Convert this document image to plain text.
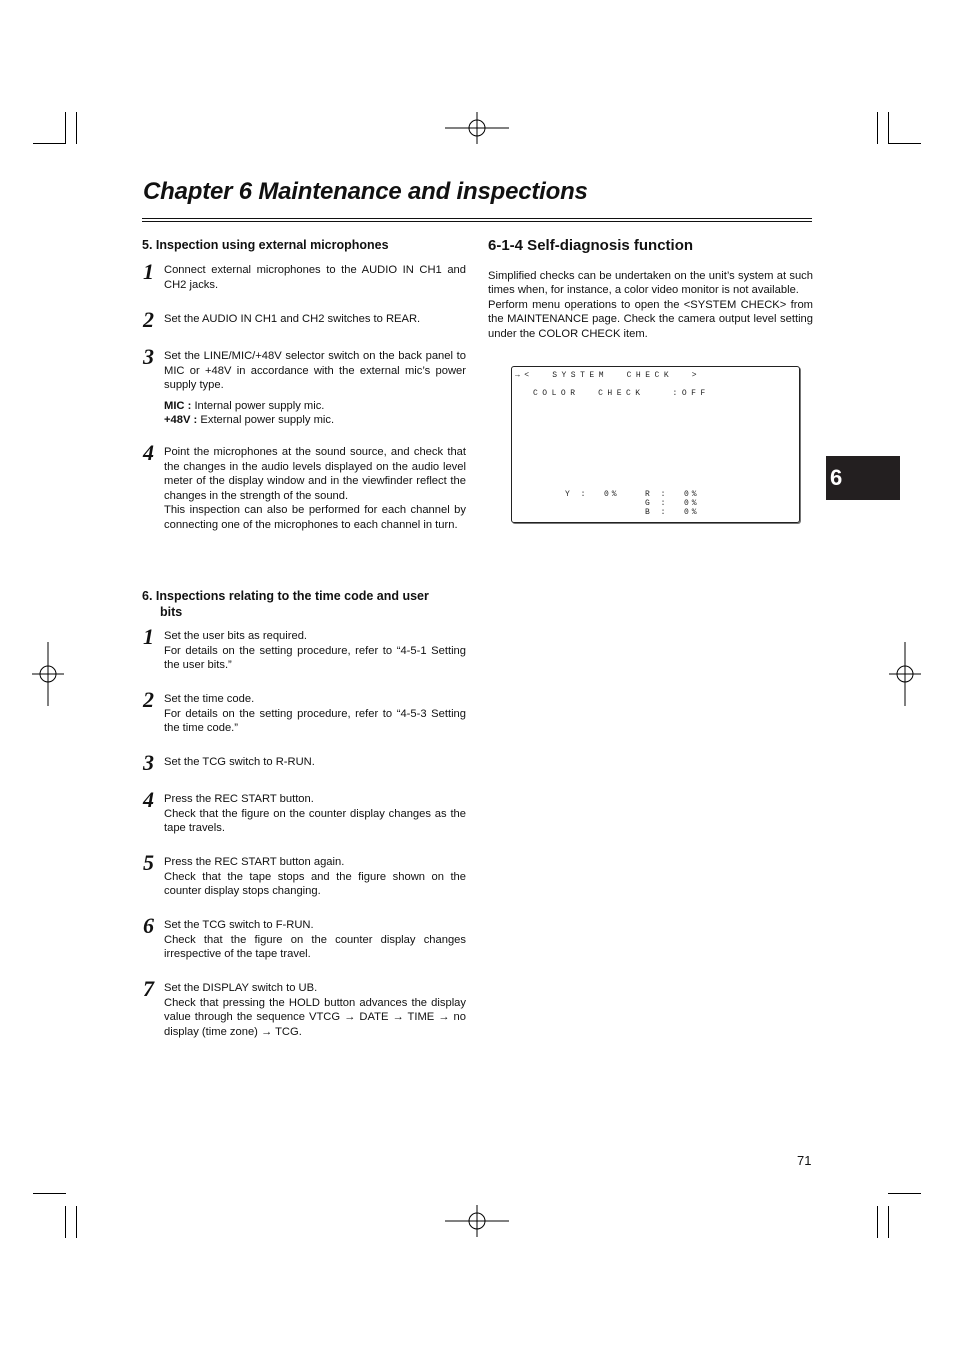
Chapter 6 Maintenance and inspections
5. Inspection using external microphones
1 Connect external microphones to the AUDIO IN CH1 and CH2 jacks.

2 Set the AUDIO IN CH1 and CH2 switches to REAR.

3 Set the LINE/MIC/+48V selector switch on the back panel to MIC or +48V in accordance with the external mic’s power supply type.

MIC : Internal power supply mic.

+48V : External power supply mic.

4 Point the microphones at the sound source, and check that the changes in the audio levels displayed on the audio level meter of the display window and in the viewfinder reflect the changes in the strength of the sound.

This inspection can also be performed for each channel by connecting one of the microphones to each channel in turn.

6. Inspections relating to the time code and user
bits
1 Set the user bits as required.

For details on the setting procedure, refer to “4-5-1 Setting the user bits.”

2 Set the time code.

For details on the setting procedure, refer to “4-5-3 Setting the time code.”

3 Set the TCG switch to R-RUN.

4 Press the REC START button.

Check that the figure on the counter display changes as the tape travels.

5 Press the REC START button again.

Check that the tape stops and the figure shown on the counter display stops changing.

6 Set the TCG switch to F-RUN.

Check that the figure on the counter display changes irrespective of the tape travel.

7 Set the DISPLAY switch to UB.

Check that pressing the HOLD button advances the display value through the sequence VTCG → DATE → TIME → no display (time zone) → TCG.

6-1-4 Self-diagnosis function

Simplified checks can be undertaken on the unit’s system at such times when, for instance, a color video monitor is not available.

Perform menu operations to open the <SYSTEM CHECK> from the MAINTENANCE page. Check the camera output level setting under the COLOR CHECK item.

→<  SYSTEM  CHECK  >
COLOR  CHECK   :OFF
Y :  0%	R :  0%
G :  0%
B :  0%
6
71
